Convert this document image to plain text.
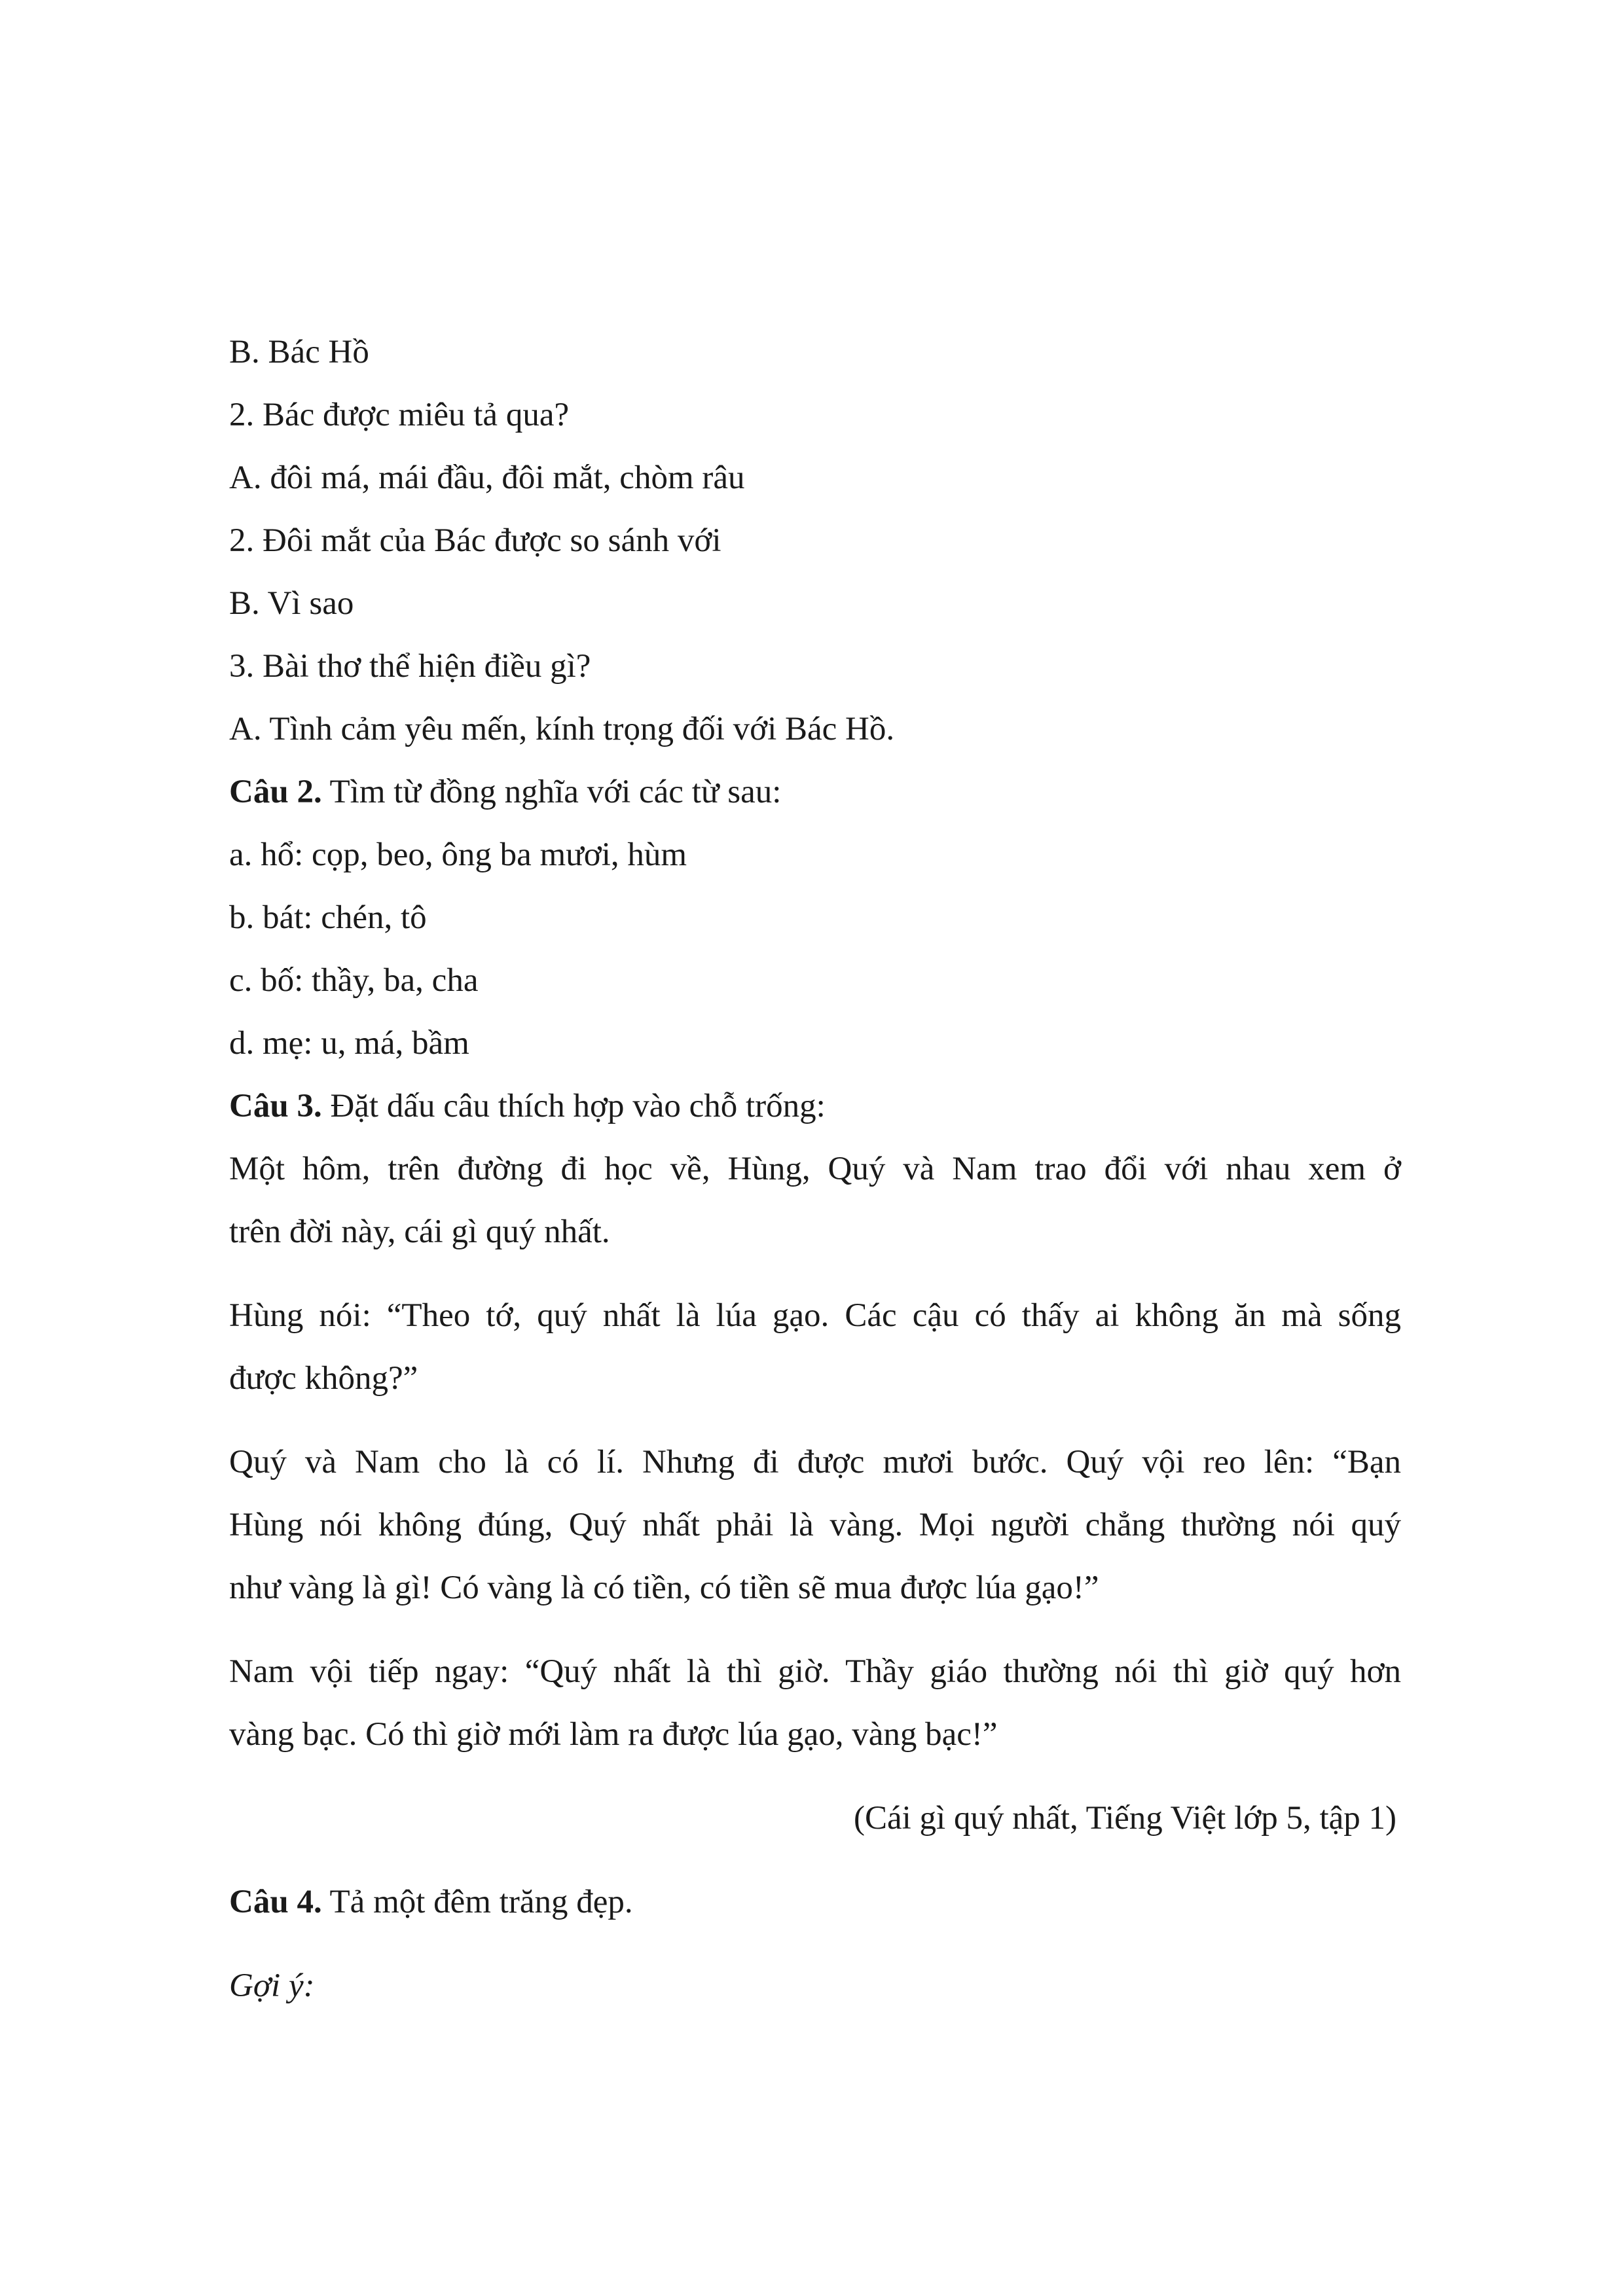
B. Bác Hồ
2. Bác được miêu tả qua?
A. đôi má, mái đầu, đôi mắt, chòm râu
2. Đôi mắt của Bác được so sánh với
B. Vì sao
3. Bài thơ thể hiện điều gì?
A. Tình cảm yêu mến, kính trọng đối với Bác Hồ.
Câu 2. Tìm từ đồng nghĩa với các từ sau:
a. hổ: cọp, beo, ông ba mươi, hùm
b. bát: chén, tô
c. bố: thầy, ba, cha
d. mẹ: u, má, bầm
Câu 3. Đặt dấu câu thích hợp vào chỗ trống:
Một hôm, trên đường đi học về, Hùng, Quý và Nam trao đổi với nhau xem ở
trên đời này, cái gì quý nhất.
Hùng nói: “Theo tớ, quý nhất là lúa gạo. Các cậu có thấy ai không ăn mà sống
được không?”
Quý và Nam cho là có lí. Nhưng đi được mươi bước. Quý vội reo lên: “Bạn
Hùng nói không đúng, Quý nhất phải là vàng. Mọi người chẳng thường nói quý
như vàng là gì! Có vàng là có tiền, có tiền sẽ mua được lúa gạo!”
Nam vội tiếp ngay: “Quý nhất là thì giờ. Thầy giáo thường nói thì giờ quý hơn
vàng bạc. Có thì giờ mới làm ra được lúa gạo, vàng bạc!”
(Cái gì quý nhất, Tiếng Việt lớp 5, tập 1)
Câu 4. Tả một đêm trăng đẹp.
Gợi ý:
